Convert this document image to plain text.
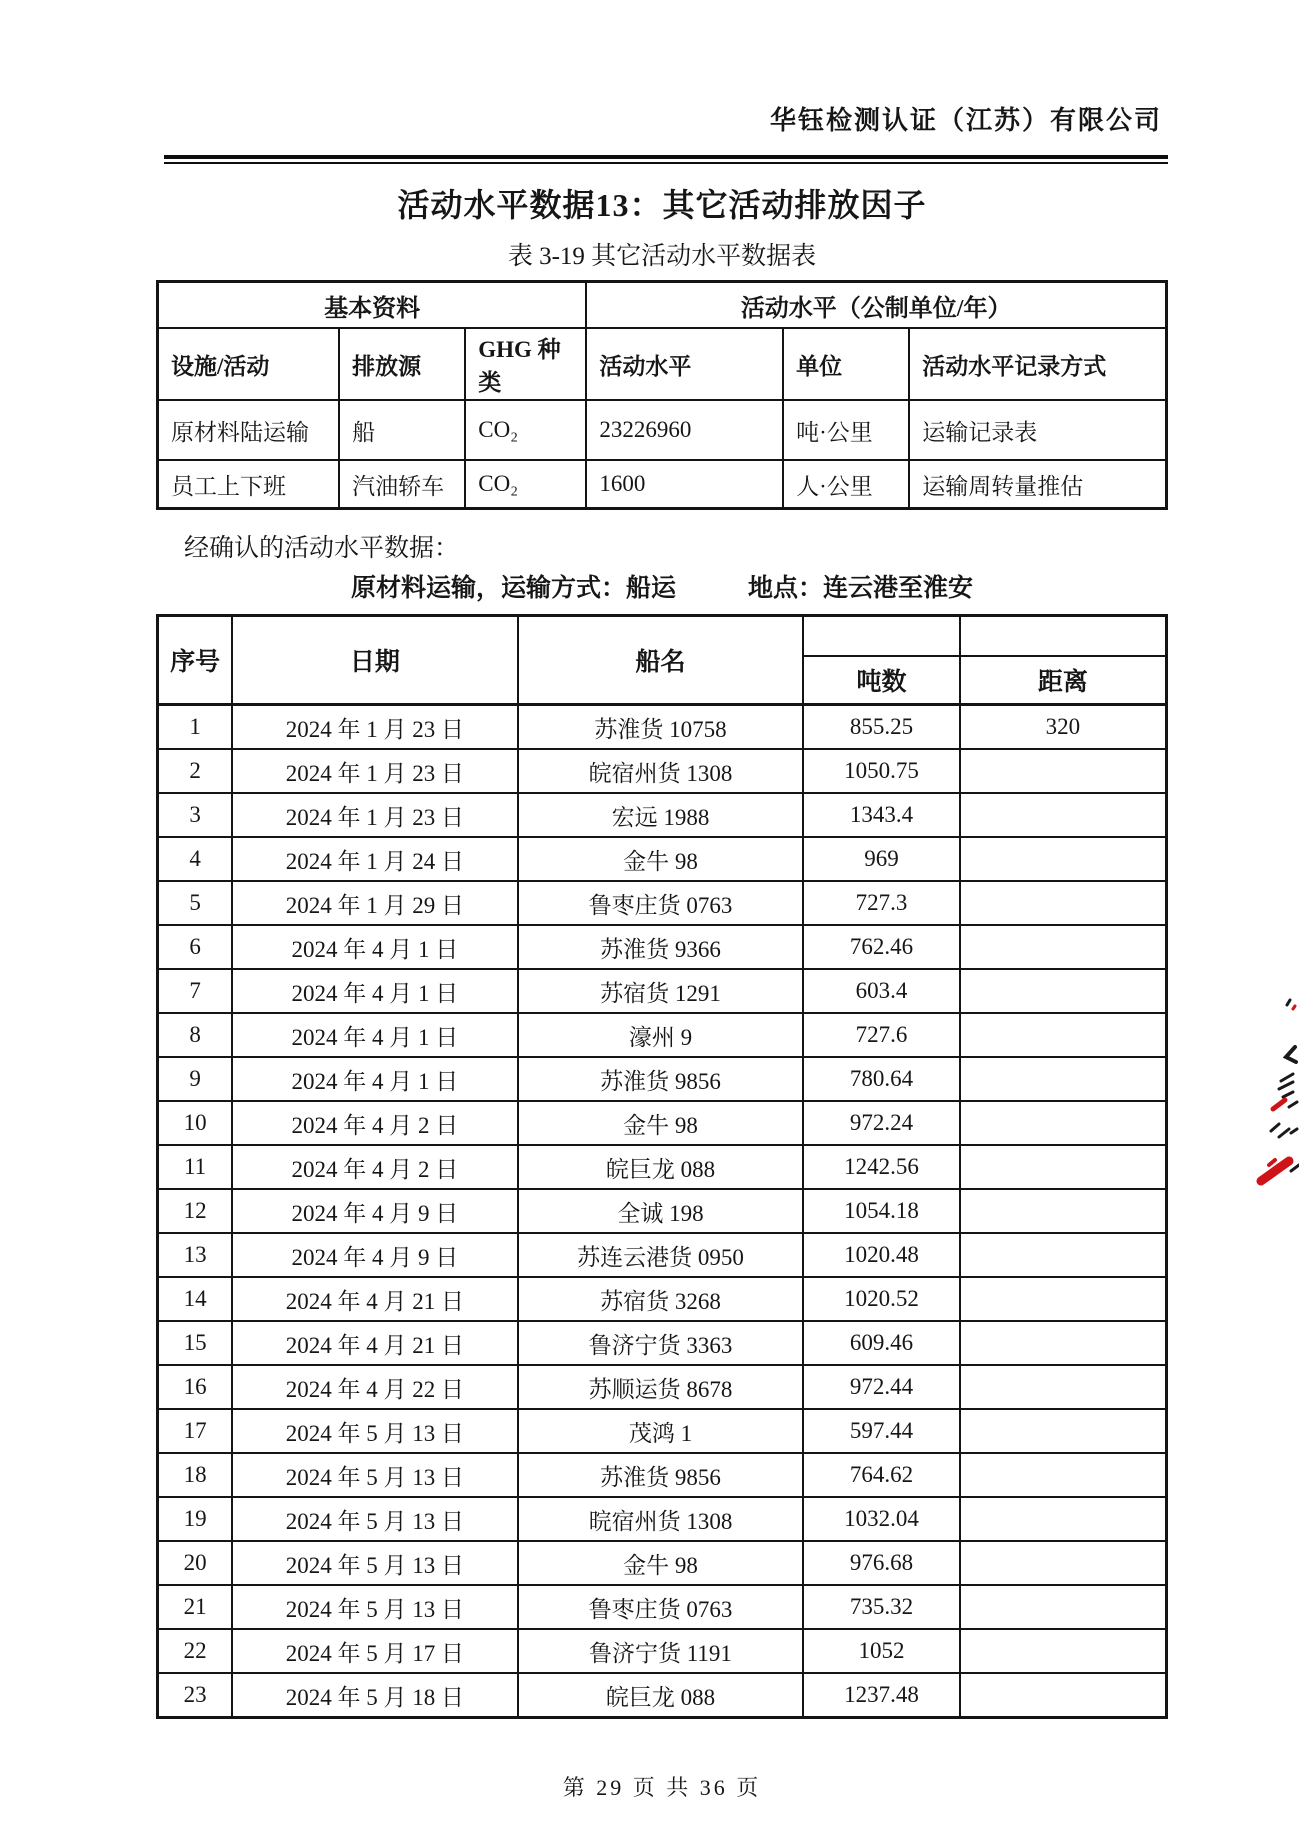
华钰检测认证（江苏）有限公司
活动水平数据13：其它活动排放因子
表 3-19 其它活动水平数据表
基本资料			活动水平（公制单位/年）		
设施/活动	排放源	GHG 种类	活动水平	单位	活动水平记录方式
原材料陆运输	船	CO₂	23226960	吨·公里	运输记录表
员工上下班	汽油轿车	CO₂	1600	人·公里	运输周转量推估
经确认的活动水平数据：
原材料运输，运输方式：船运	地点：连云港至淮安
序号	日期	船名		
			吨数	距离
1	2024 年 1 月 23 日	苏淮货 10758	855.25	320
2	2024 年 1 月 23 日	皖宿州货 1308	1050.75	
3	2024 年 1 月 23 日	宏远 1988	1343.4	
4	2024 年 1 月 24 日	金牛 98	969	
5	2024 年 1 月 29 日	鲁枣庄货 0763	727.3	
6	2024 年 4 月 1 日	苏淮货 9366	762.46	
7	2024 年 4 月 1 日	苏宿货 1291	603.4	
8	2024 年 4 月 1 日	濠州 9	727.6	
9	2024 年 4 月 1 日	苏淮货 9856	780.64	
10	2024 年 4 月 2 日	金牛 98	972.24	
11	2024 年 4 月 2 日	皖巨龙 088	1242.56	
12	2024 年 4 月 9 日	全诚 198	1054.18	
13	2024 年 4 月 9 日	苏连云港货 0950	1020.48	
14	2024 年 4 月 21 日	苏宿货 3268	1020.52	
15	2024 年 4 月 21 日	鲁济宁货 3363	609.46	
16	2024 年 4 月 22 日	苏顺运货 8678	972.44	
17	2024 年 5 月 13 日	茂鸿 1	597.44	
18	2024 年 5 月 13 日	苏淮货 9856	764.62	
19	2024 年 5 月 13 日	晥宿州货 1308	1032.04	
20	2024 年 5 月 13 日	金牛 98	976.68	
21	2024 年 5 月 13 日	鲁枣庄货 0763	735.32	
22	2024 年 5 月 17 日	鲁济宁货 1191	1052	
23	2024 年 5 月 18 日	皖巨龙 088	1237.48	
第 29 页 共 36 页
